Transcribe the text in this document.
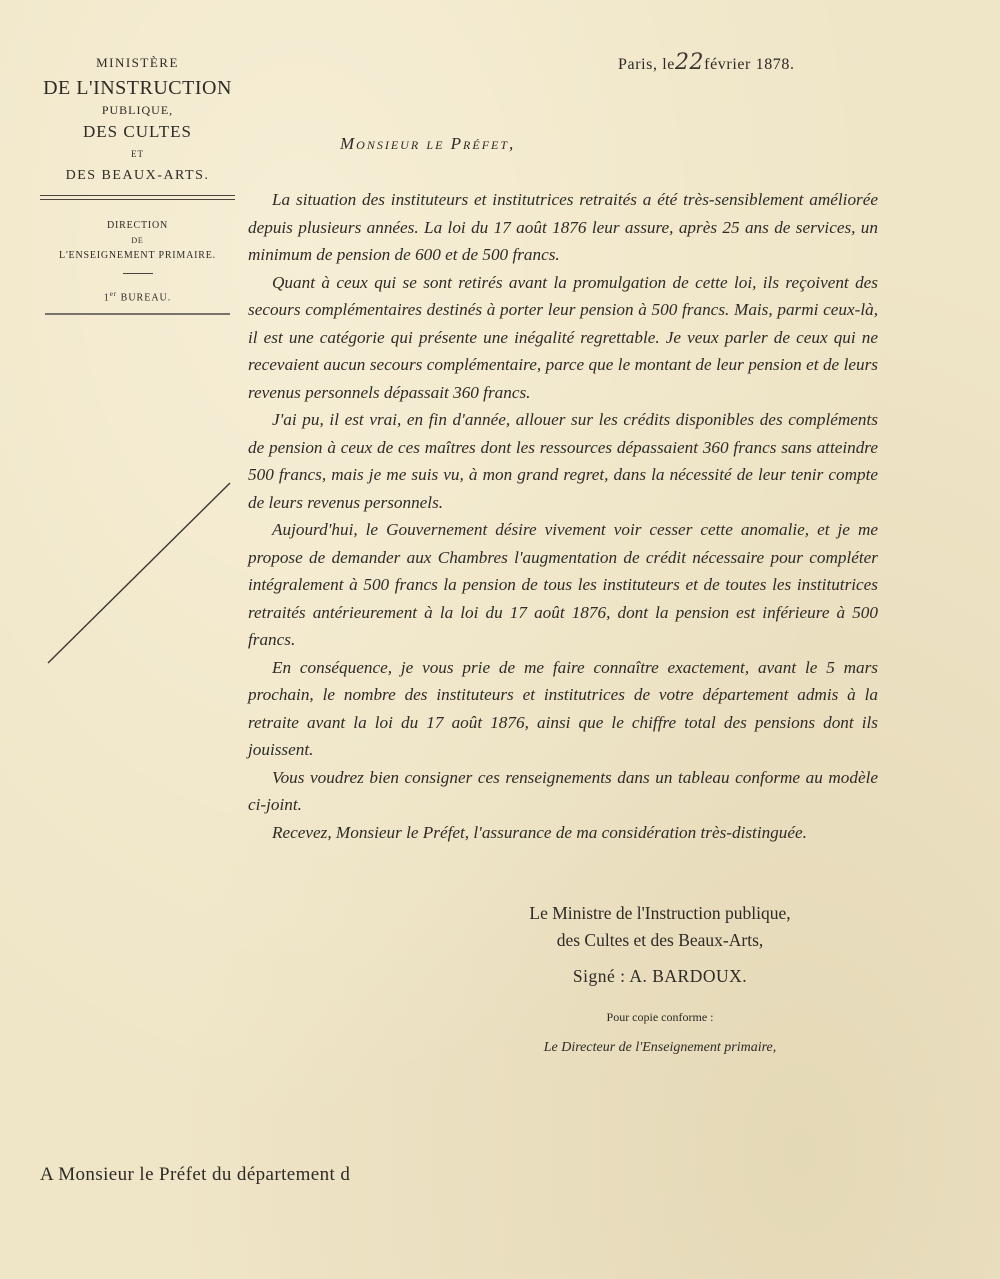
MINISTÈRE
DE L'INSTRUCTION
PUBLIQUE,
DES CULTES
ET
DES BEAUX-ARTS.
DIRECTION
DE
L'ENSEIGNEMENT PRIMAIRE.
1er BUREAU.
Paris, le22février 1878.
Monsieur le Préfet,

La situation des instituteurs et institutrices retraités a été très-sensiblement améliorée depuis plusieurs années. La loi du 17 août 1876 leur assure, après 25 ans de services, un minimum de pension de 600 et de 500 francs.

Quant à ceux qui se sont retirés avant la promulgation de cette loi, ils reçoivent des secours complémentaires destinés à porter leur pension à 500 francs. Mais, parmi ceux-là, il est une catégorie qui présente une inégalité regrettable. Je veux parler de ceux qui ne recevaient aucun secours complémentaire, parce que le montant de leur pension et de leurs revenus personnels dépassait 360 francs.

J'ai pu, il est vrai, en fin d'année, allouer sur les crédits disponibles des compléments de pension à ceux de ces maîtres dont les ressources dépassaient 360 francs sans atteindre 500 francs, mais je me suis vu, à mon grand regret, dans la nécessité de leur tenir compte de leurs revenus personnels.

Aujourd'hui, le Gouvernement désire vivement voir cesser cette anomalie, et je me propose de demander aux Chambres l'augmentation de crédit nécessaire pour compléter intégralement à 500 francs la pension de tous les instituteurs et de toutes les institutrices retraités antérieurement à la loi du 17 août 1876, dont la pension est inférieure à 500 francs.

En conséquence, je vous prie de me faire connaître exactement, avant le 5 mars prochain, le nombre des instituteurs et institutrices de votre département admis à la retraite avant la loi du 17 août 1876, ainsi que le chiffre total des pensions dont ils jouissent.

Vous voudrez bien consigner ces renseignements dans un tableau conforme au modèle ci-joint.

Recevez, Monsieur le Préfet, l'assurance de ma considération très-distinguée.

Le Ministre de l'Instruction publique,
des Cultes et des Beaux-Arts,
Signé : A. BARDOUX.
Pour copie conforme :
Le Directeur de l'Enseignement primaire,
A Monsieur le Préfet du département d
